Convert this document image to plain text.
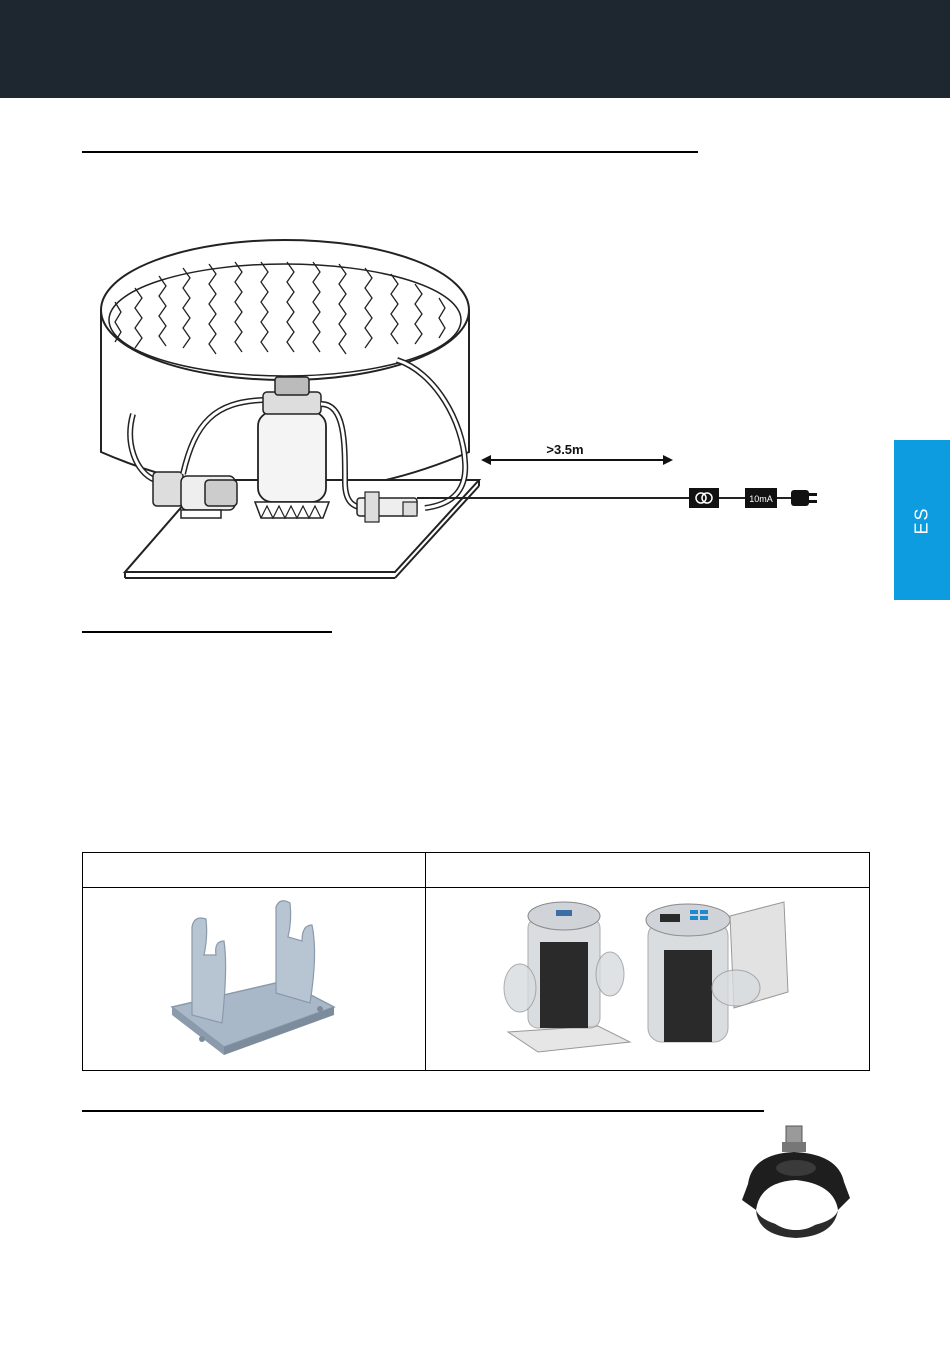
ES
>3.5m
10mA
